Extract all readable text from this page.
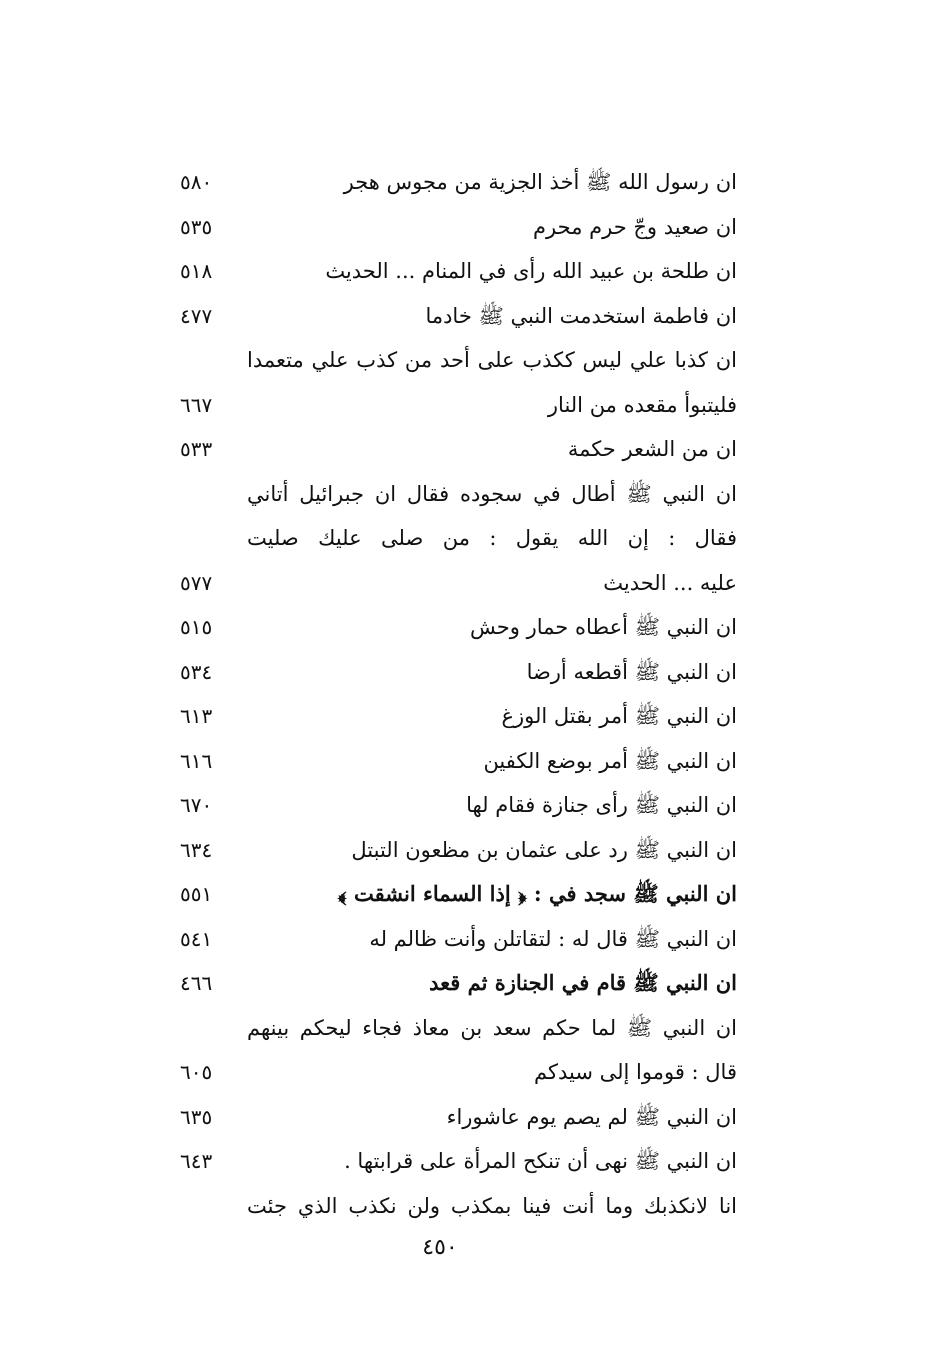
ان رسول الله ﷺ أخذ الجزية من مجوس هجر
٥٨٠
ان صعيد وجّ حرم محرم
٥٣٥
ان طلحة بن عبيد الله رأى في المنام ... الحديث
٥١٨
ان فاطمة استخدمت النبي ﷺ خادما
٤٧٧
ان كذبا علي ليس ككذب على أحد من كذب علي متعمدا
فليتبوأ مقعده من النار
٦٦٧
ان من الشعر حكمة
٥٣٣
ان النبي ﷺ أطال في سجوده فقال ان جبرائيل أتاني
فقال : إن الله يقول : من صلى عليك صليت
عليه ... الحديث
٥٧٧
ان النبي ﷺ أعطاه حمار وحش
٥١٥
ان النبي ﷺ أقطعه أرضا
٥٣٤
ان النبي ﷺ أمر بقتل الوزغ
٦١٣
ان النبي ﷺ أمر بوضع الكفين
٦١٦
ان النبي ﷺ رأى جنازة فقام لها
٦٧٠
ان النبي ﷺ رد على عثمان بن مظعون التبتل
٦٣٤
ان النبي ﷺ سجد في : ﴿ إذا السماء انشقت ﴾
٥٥١
ان النبي ﷺ قال له : لتقاتلن وأنت ظالم له
٥٤١
ان النبي ﷺ قام في الجنازة ثم قعد
٤٦٦
ان النبي ﷺ لما حكم سعد بن معاذ فجاء ليحكم بينهم
قال : قوموا إلى سيدكم
٦٠٥
ان النبي ﷺ لم يصم يوم عاشوراء
٦٣٥
ان النبي ﷺ نهى أن تنكح المرأة على قرابتها .
٦٤٣
انا لانكذبك وما أنت فينا بمكذب ولن نكذب الذي جئت
٤٥٠
